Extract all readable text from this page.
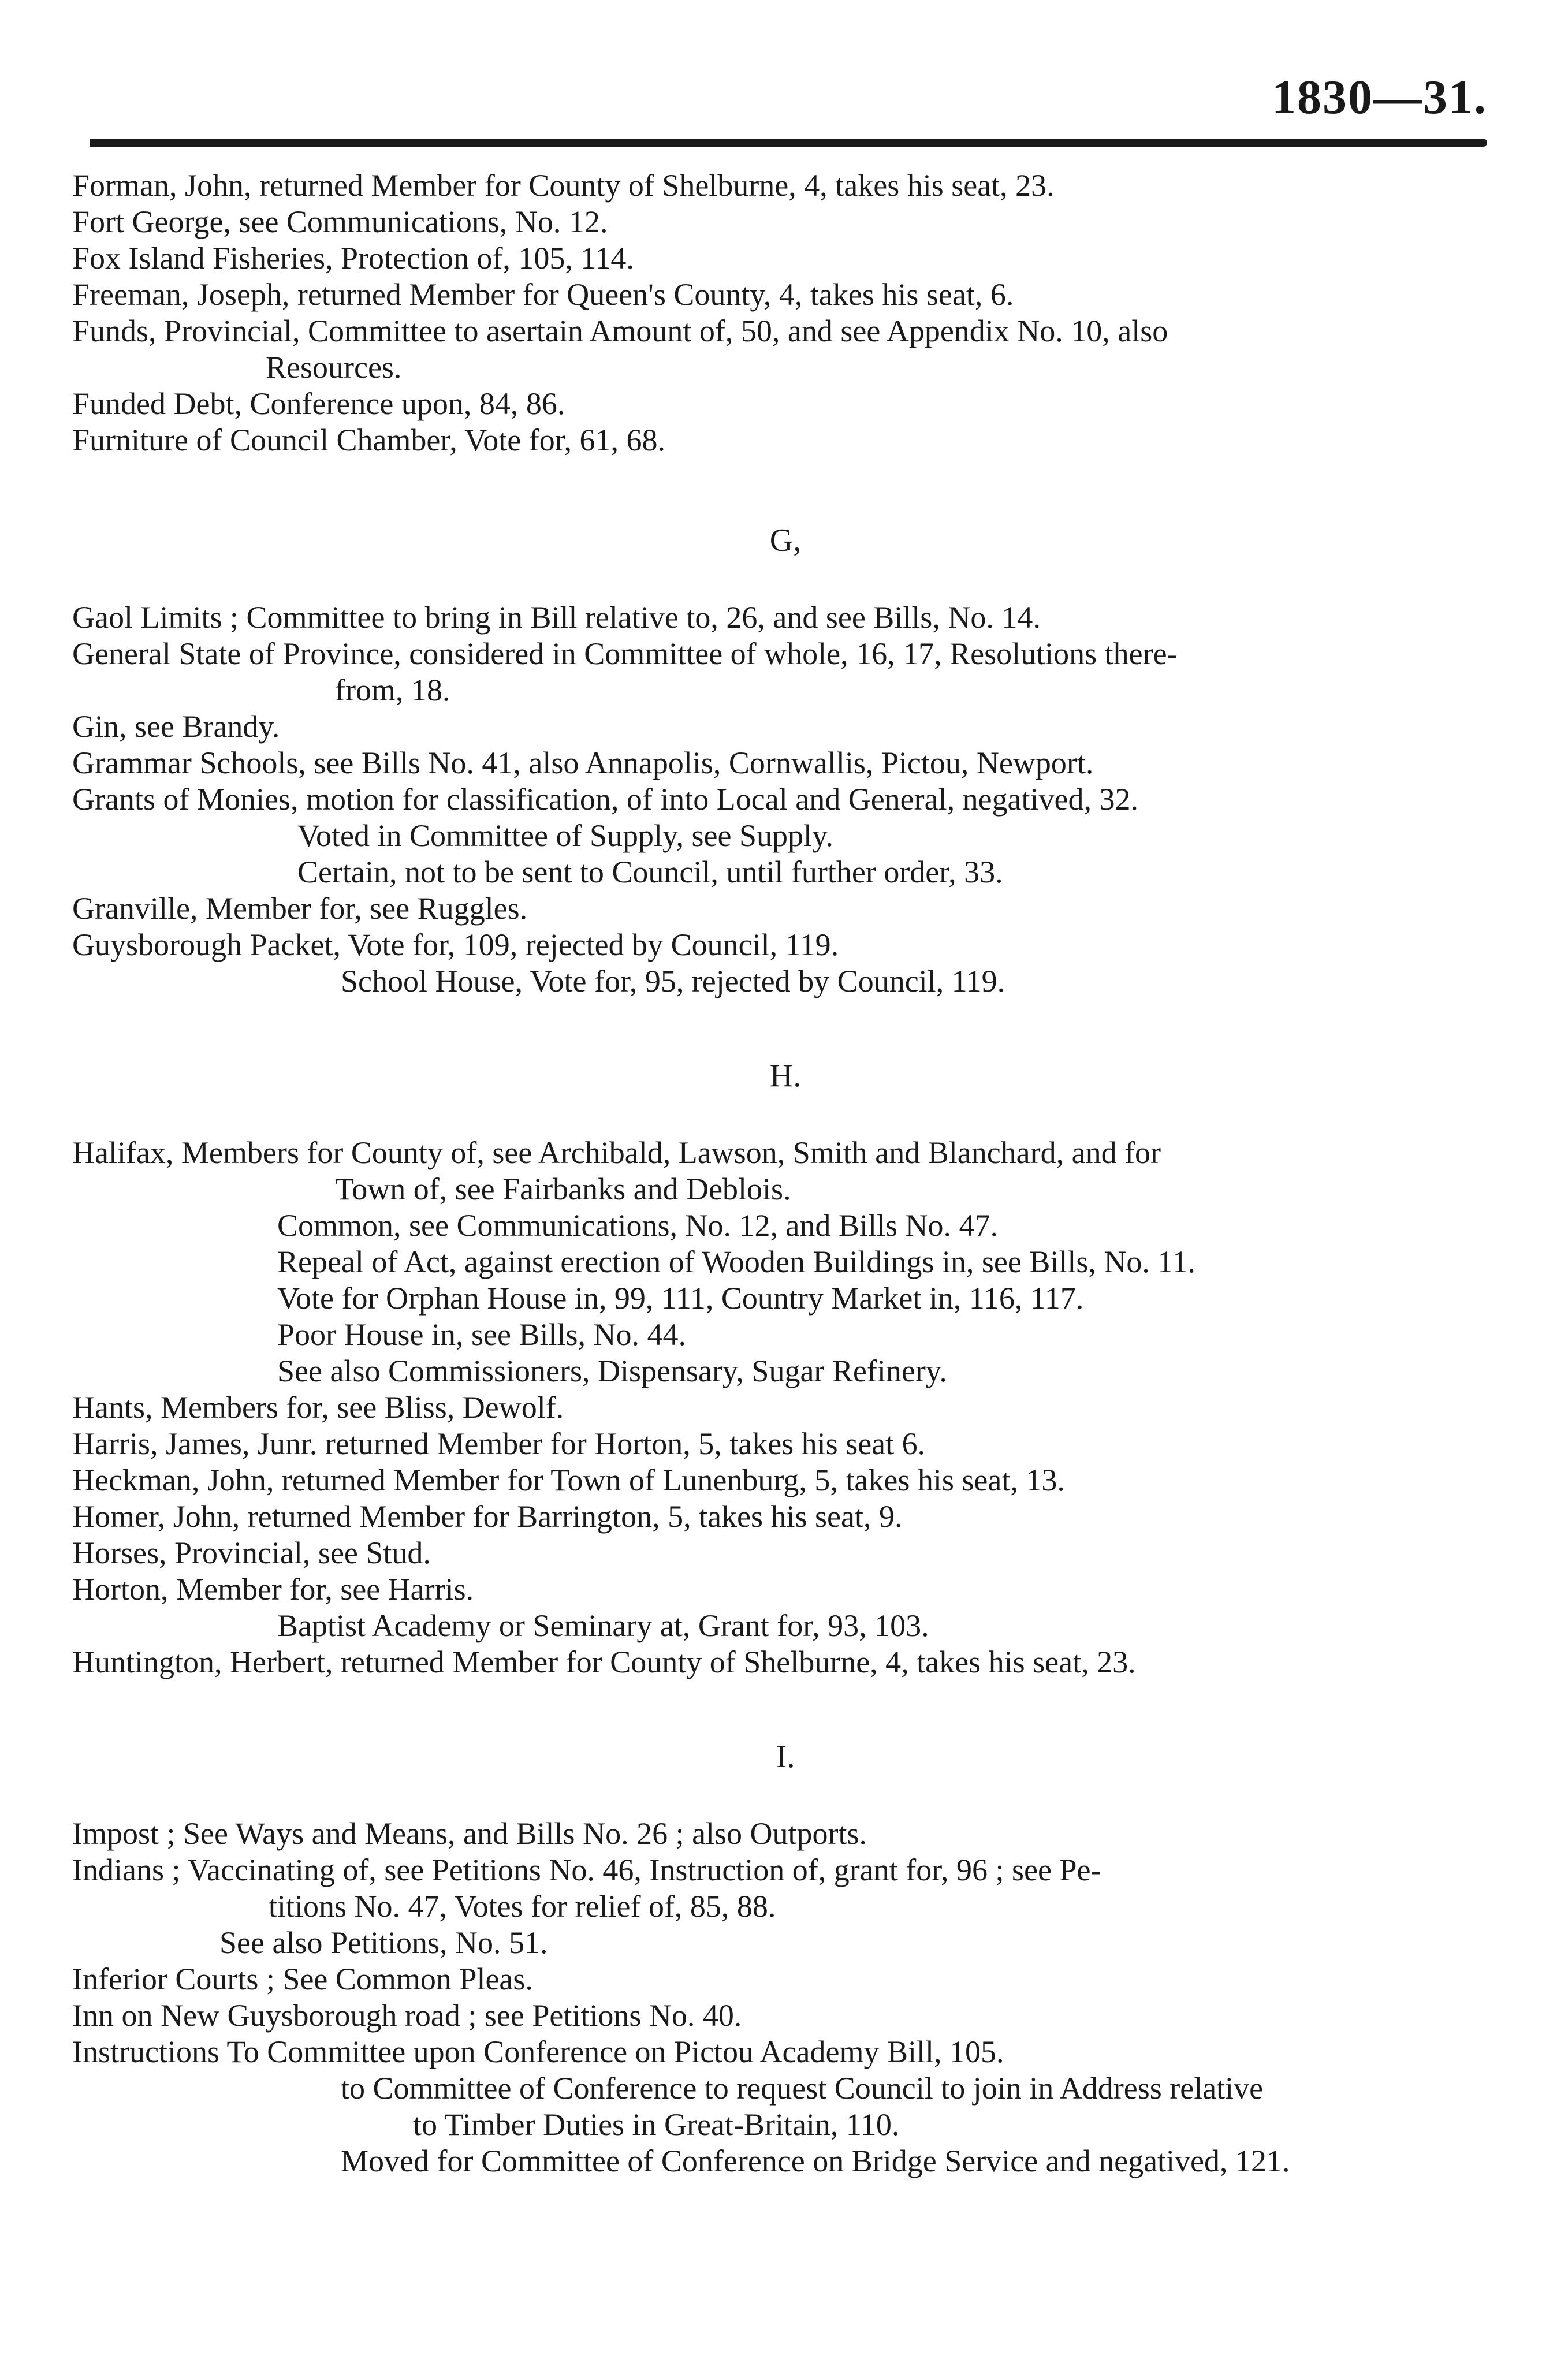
1830—31.
Forman, John, returned Member for County of Shelburne, 4, takes his seat, 23.
Fort George, see Communications, No. 12.
Fox Island Fisheries, Protection of, 105, 114.
Freeman, Joseph, returned Member for Queen's County, 4, takes his seat, 6.
Funds, Provincial, Committee to asertain Amount of, 50, and see Appendix No. 10, also
Resources.
Funded Debt, Conference upon, 84, 86.
Furniture of Council Chamber, Vote for, 61, 68.
G,
Gaol Limits ; Committee to bring in Bill relative to, 26, and see Bills, No. 14.
General State of Province, considered in Committee of whole, 16, 17, Resolutions there-
from, 18.
Gin, see Brandy.
Grammar Schools, see Bills No. 41, also Annapolis, Cornwallis, Pictou, Newport.
Grants of Monies, motion for classification, of into Local and General, negatived, 32.
Voted in Committee of Supply, see Supply.
Certain, not to be sent to Council, until further order, 33.
Granville, Member for, see Ruggles.
Guysborough Packet, Vote for, 109, rejected by Council, 119.
School House, Vote for, 95, rejected by Council, 119.
H.
Halifax, Members for County of, see Archibald, Lawson, Smith and Blanchard, and for
Town of, see Fairbanks and Deblois.
Common, see Communications, No. 12, and Bills No. 47.
Repeal of Act, against erection of Wooden Buildings in, see Bills, No. 11.
Vote for Orphan House in, 99, 111, Country Market in, 116, 117.
Poor House in, see Bills, No. 44.
See also Commissioners, Dispensary, Sugar Refinery.
Hants, Members for, see Bliss, Dewolf.
Harris, James, Junr. returned Member for Horton, 5, takes his seat 6.
Heckman, John, returned Member for Town of Lunenburg, 5, takes his seat, 13.
Homer, John, returned Member for Barrington, 5, takes his seat, 9.
Horses, Provincial, see Stud.
Horton, Member for, see Harris.
Baptist Academy or Seminary at, Grant for, 93, 103.
Huntington, Herbert, returned Member for County of Shelburne, 4, takes his seat, 23.
I.
Impost ; See Ways and Means, and Bills No. 26 ; also Outports.
Indians ; Vaccinating of, see Petitions No. 46, Instruction of, grant for, 96 ; see Pe-
titions No. 47, Votes for relief of, 85, 88.
See also Petitions, No. 51.
Inferior Courts ; See Common Pleas.
Inn on New Guysborough road ; see Petitions No. 40.
Instructions To Committee upon Conference on Pictou Academy Bill, 105.
to Committee of Conference to request Council to join in Address relative
to Timber Duties in Great-Britain, 110.
Moved for Committee of Conference on Bridge Service and negatived, 121.
